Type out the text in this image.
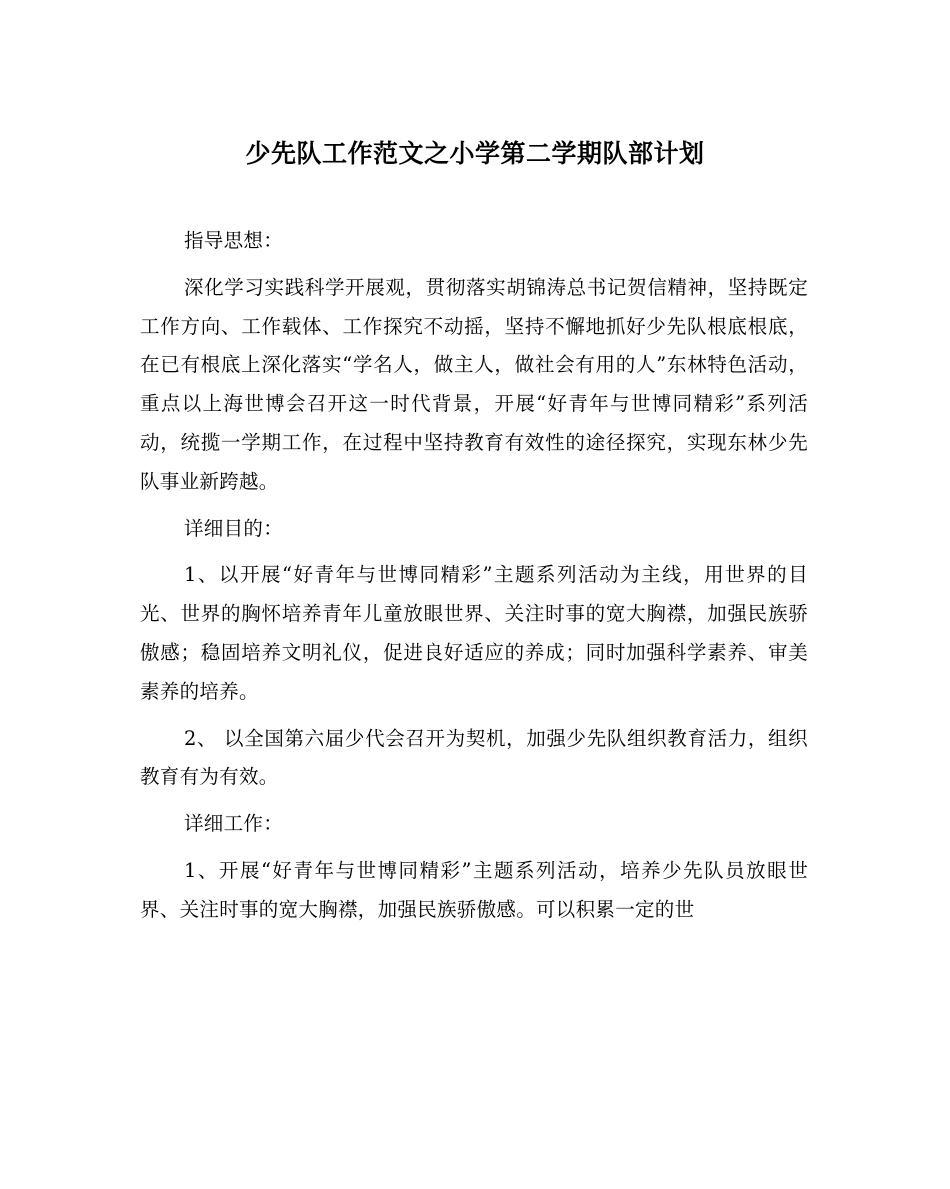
少先队工作范文之小学第二学期队部计划

指导思想：

深化学习实践科学开展观，贯彻落实胡锦涛总书记贺信精神，坚持既定工作方向、工作载体、工作探究不动摇，坚持不懈地抓好少先队根底根底，在已有根底上深化落实“学名人，做主人，做社会有用的人”东林特色活动，重点以上海世博会召开这一时代背景，开展“好青年与世博同精彩”系列活动，统揽一学期工作，在过程中坚持教育有效性的途径探究，实现东林少先队事业新跨越。

详细目的：

1、以开展“好青年与世博同精彩”主题系列活动为主线，用世界的目光、世界的胸怀培养青年儿童放眼世界、关注时事的宽大胸襟，加强民族骄傲感；稳固培养文明礼仪，促进良好适应的养成；同时加强科学素养、审美素养的培养。

2、 以全国第六届少代会召开为契机，加强少先队组织教育活力，组织教育有为有效。

详细工作：

1、开展“好青年与世博同精彩”主题系列活动，培养少先队员放眼世界、关注时事的宽大胸襟，加强民族骄傲感。可以积累一定的世
